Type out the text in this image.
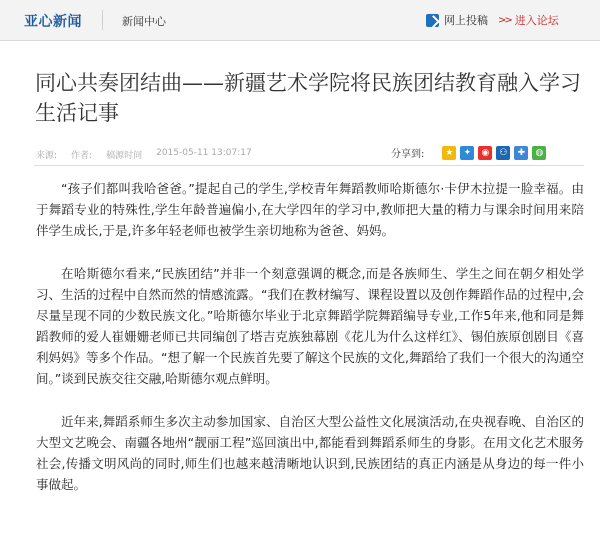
亚心新闻	新闻中心	网上投稿 >> 进入论坛
同心共奏团结曲——新疆艺术学院将民族团结教育融入学习生活记事
来源: 作者: 稿源时间 2015-05-11 13:07:17	分享到:	★	✦	◉	⚇	✚	◍

“孩子们都叫我哈爸爸。”提起自己的学生,学校青年舞蹈教师哈斯德尔·卡伊木拉提一脸幸福。由于舞蹈专业的特殊性,学生年龄普遍偏小,在大学四年的学习中,教师把大量的精力与课余时间用来陪伴学生成长,于是,许多年轻老师也被学生亲切地称为爸爸、妈妈。

在哈斯德尔看来,“民族团结”并非一个刻意强调的概念,而是各族师生、学生之间在朝夕相处学习、生活的过程中自然而然的情感流露。“我们在教材编写、课程设置以及创作舞蹈作品的过程中,会尽量呈现不同的少数民族文化。”哈斯德尔毕业于北京舞蹈学院舞蹈编导专业,工作5年来,他和同是舞蹈教师的爱人崔姗姗老师已共同编创了塔吉克族独幕剧《花儿为什么这样红》、锡伯族原创剧目《喜利妈妈》等多个作品。“想了解一个民族首先要了解这个民族的文化,舞蹈给了我们一个很大的沟通空间。”谈到民族交往交融,哈斯德尔观点鲜明。

近年来,舞蹈系师生多次主动参加国家、自治区大型公益性文化展演活动,在央视春晚、自治区的大型文艺晚会、南疆各地州“靓丽工程”巡回演出中,都能看到舞蹈系师生的身影。在用文化艺术服务社会,传播文明风尚的同时,师生们也越来越清晰地认识到,民族团结的真正内涵是从身边的每一件小事做起。
